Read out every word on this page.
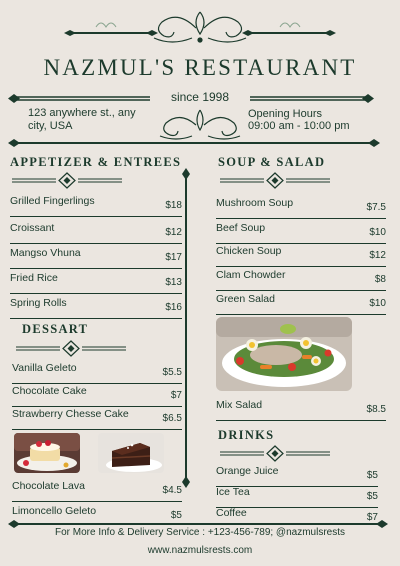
NAZMUL'S RESTAURANT
since 1998
123 anywhere st., any city, USA
Opening Hours
09:00 am - 10:00 pm
APPETIZER & ENTREES
Grilled Fingerlings	$18
Croissant	$12
Mangso Vhuna	$17
Fried Rice	$13
Spring Rolls	$16
DESSART
Vanilla Geleto	$5.5
Chocolate Cake	$7
Strawberry Chesse Cake	$6.5
Chocolate Lava	$4.5
Limoncello Geleto	$5
SOUP & SALAD
Mushroom Soup	$7.5
Beef Soup	$10
Chicken Soup	$12
Clam Chowder	$8
Green Salad	$10
Mix Salad	$8.5
DRINKS
Orange Juice	$5
Ice Tea	$5
Coffee	$7
For More Info & Delivery Service : +123-456-789; @nazmulsrests
www.nazmulsrests.com
